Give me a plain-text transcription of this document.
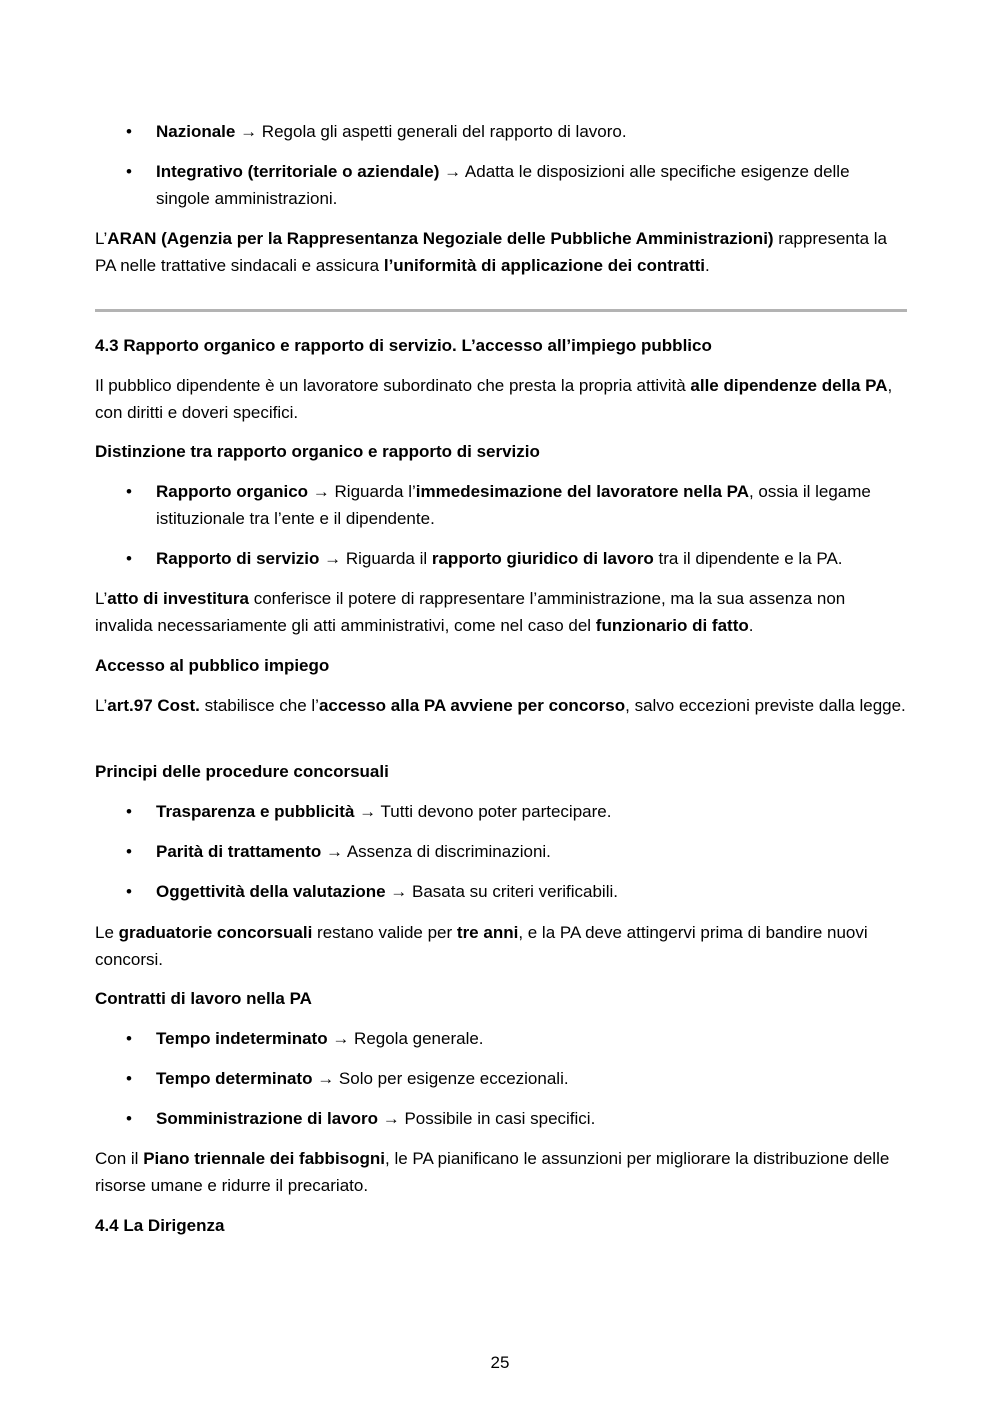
• Nazionale → Regola gli aspetti generali del rapporto di lavoro.
• Integrativo (territoriale o aziendale) → Adatta le disposizioni alle specifiche esigenze delle singole amministrazioni.

L’ARAN (Agenzia per la Rappresentanza Negoziale delle Pubbliche Amministrazioni) rappresenta la PA nelle trattative sindacali e assicura l’uniformità di applicazione dei contratti.

4.3 Rapporto organico e rapporto di servizio. L’accesso all’impiego pubblico

Il pubblico dipendente è un lavoratore subordinato che presta la propria attività alle dipendenze della PA, con diritti e doveri specifici.

Distinzione tra rapporto organico e rapporto di servizio
• Rapporto organico → Riguarda l’immedesimazione del lavoratore nella PA, ossia il legame istituzionale tra l’ente e il dipendente.
• Rapporto di servizio → Riguarda il rapporto giuridico di lavoro tra il dipendente e la PA.

L’atto di investitura conferisce il potere di rappresentare l’amministrazione, ma la sua assenza non invalida necessariamente gli atti amministrativi, come nel caso del funzionario di fatto.

Accesso al pubblico impiego

L’art.97 Cost. stabilisce che l’accesso alla PA avviene per concorso, salvo eccezioni previste dalla legge.

Principi delle procedure concorsuali
• Trasparenza e pubblicità → Tutti devono poter partecipare.
• Parità di trattamento → Assenza di discriminazioni.
• Oggettività della valutazione → Basata su criteri verificabili.

Le graduatorie concorsuali restano valide per tre anni, e la PA deve attingervi prima di bandire nuovi concorsi.

Contratti di lavoro nella PA
• Tempo indeterminato → Regola generale.
• Tempo determinato → Solo per esigenze eccezionali.
• Somministrazione di lavoro → Possibile in casi specifici.

Con il Piano triennale dei fabbisogni, le PA pianificano le assunzioni per migliorare la distribuzione delle risorse umane e ridurre il precariato.

4.4 La Dirigenza
25
